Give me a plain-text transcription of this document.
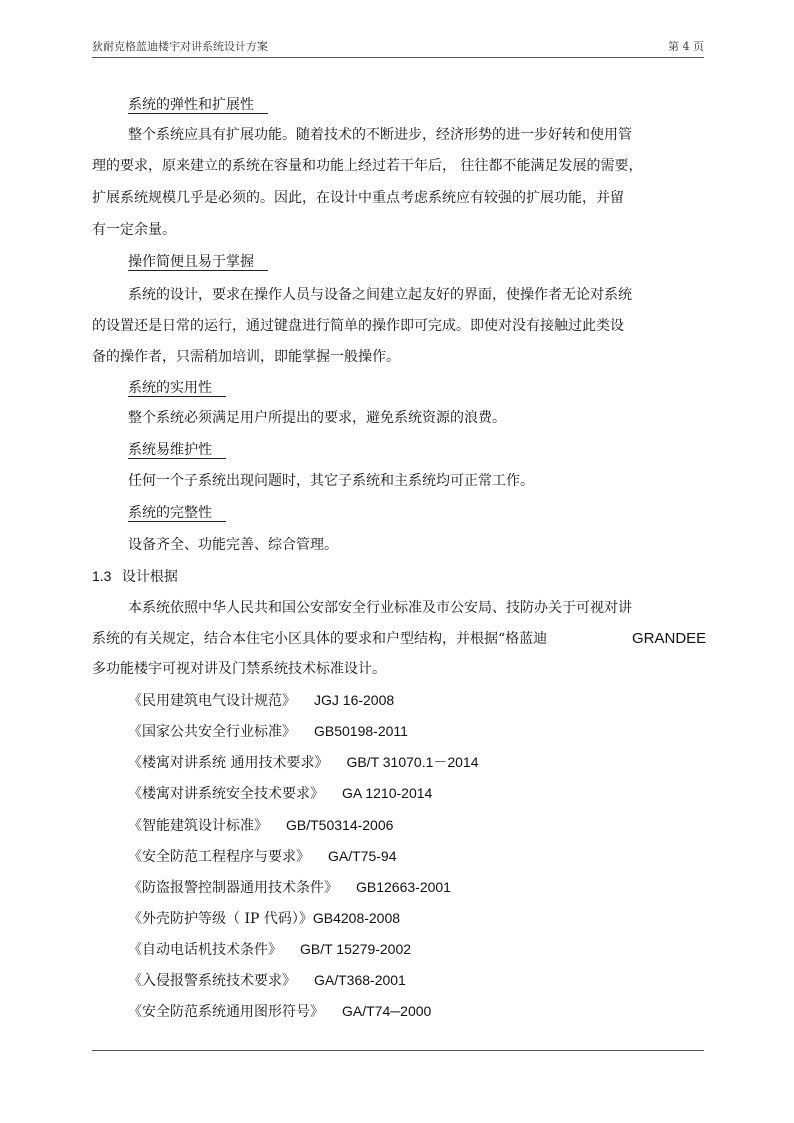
狄耐克格蓝迪楼宇对讲系统设计方案	第 4 页
系统的弹性和扩展性
整个系统应具有扩展功能。随着技术的不断进步，经济形势的进一步好转和使用管
理的要求，原来建立的系统在容量和功能上经过若干年后， 往往都不能满足发展的需要，
扩展系统规模几乎是必须的。因此，在设计中重点考虑系统应有较强的扩展功能，并留
有一定余量。
操作简便且易于掌握
系统的设计，要求在操作人员与设备之间建立起友好的界面，使操作者无论对系统
的设置还是日常的运行，通过键盘进行简单的操作即可完成。即使对没有接触过此类设
备的操作者，只需稍加培训，即能掌握一般操作。
系统的实用性
整个系统必须满足用户所提出的要求，避免系统资源的浪费。
系统易维护性
任何一个子系统出现问题时，其它子系统和主系统均可正常工作。
系统的完整性
设备齐全、功能完善、综合管理。
1.3 设计根据
本系统依照中华人民共和国公安部安全行业标准及市公安局、技防办关于可视对讲
系统的有关规定，结合本住宅小区具体的要求和户型结构，并根据“格蓝迪	GRANDEE
多功能楼宇可视对讲及门禁系统技术标准设计。
《民用建筑电气设计规范》 JGJ 16-2008
《国家公共安全行业标准》 GB50198-2011
《楼寓对讲系统 通用技术要求》 GB/T 31070.1－2014
《楼寓对讲系统安全技术要求》 GA 1210-2014
《智能建筑设计标准》 GB/T50314-2006
《安全防范工程程序与要求》 GA/T75-94
《防盗报警控制器通用技术条件》 GB12663-2001
《外壳防护等级（ IP 代码）》GB4208-2008
《自动电话机技术条件》 GB/T 15279-2002
《入侵报警系统技术要求》 GA/T368-2001
《安全防范系统通用图形符号》 GA/T74─2000
